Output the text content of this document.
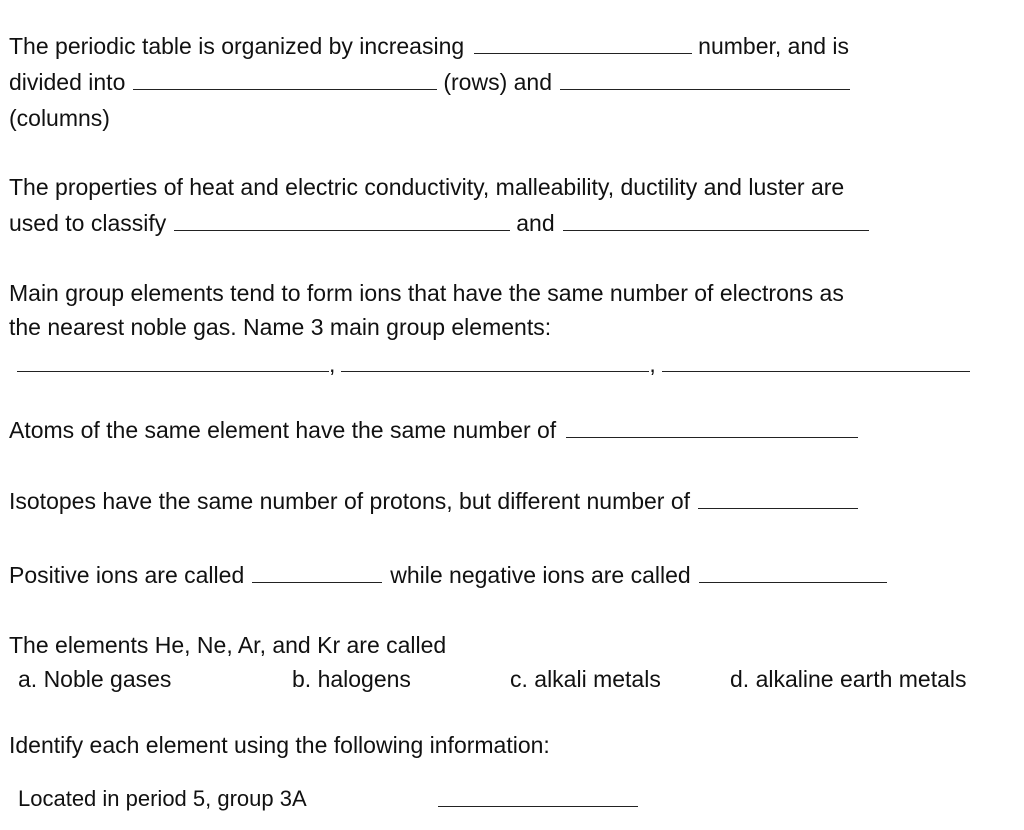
The periodic table is organized by increasing	number, and is
divided into	(rows) and
(columns)
The properties of heat and electric conductivity, malleability, ductility and luster are
used to classify	and
Main group elements tend to form ions that have the same number of electrons as
the nearest noble gas. Name 3 main group elements:
,	,
Atoms of the same element have the same number of
Isotopes have the same number of protons, but different number of
Positive ions are called	while negative ions are called
The elements He, Ne, Ar, and Kr are called
a. Noble gases	b. halogens	c. alkali metals	d. alkaline earth metals
Identify each element using the following information:
Located in period 5, group 3A
